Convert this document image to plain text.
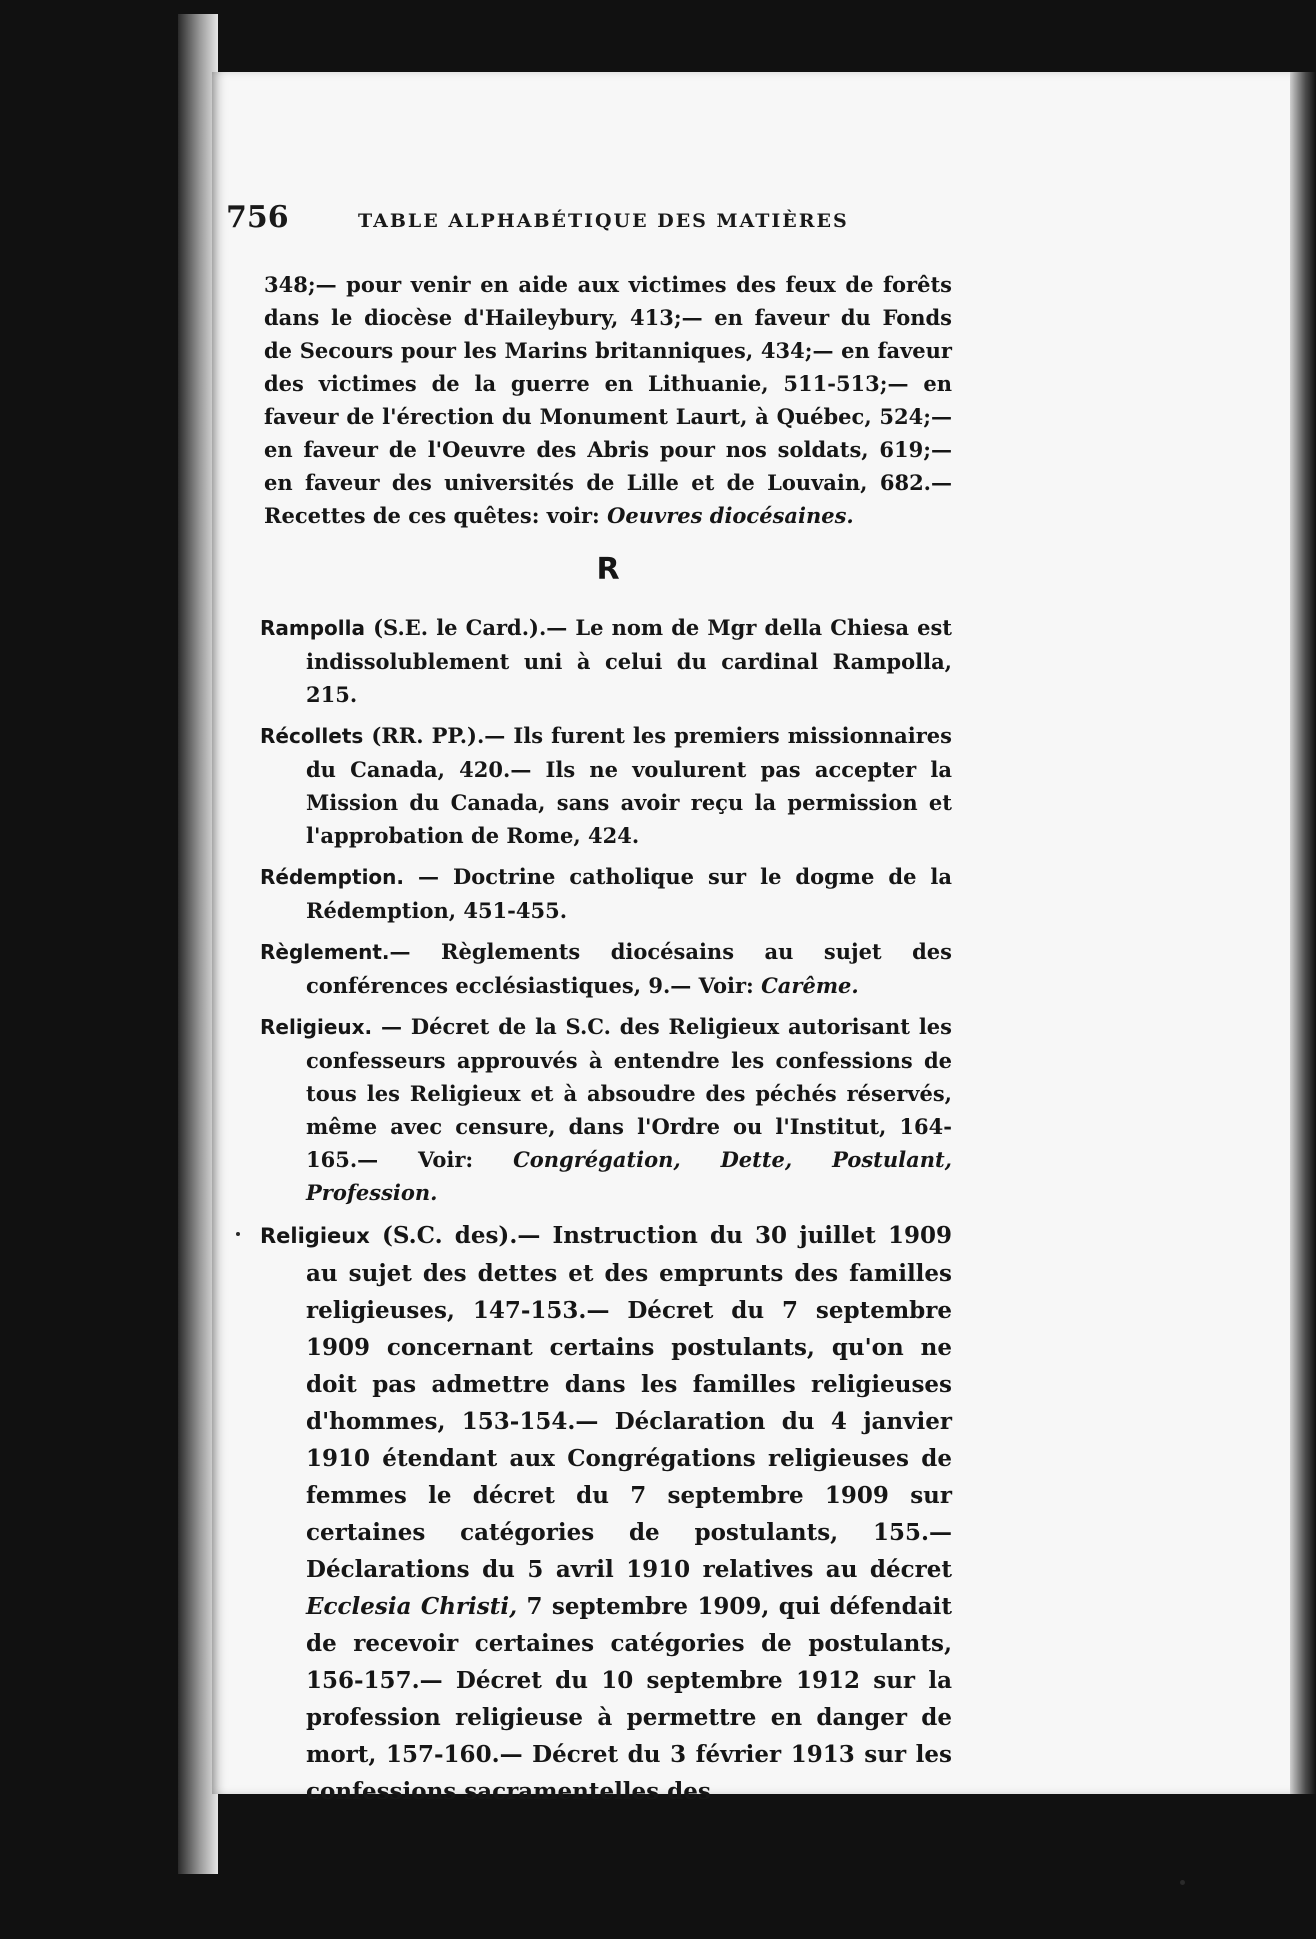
756	TABLE ALPHABÉTIQUE DES MATIÈRES

348;— pour venir en aide aux victimes des feux de forêts dans le diocèse d'Haileybury, 413;— en faveur du Fonds de Secours pour les Marins britanniques, 434;— en faveur des victimes de la guerre en Lithuanie, 511-513;— en faveur de l'érection du Monument Laurt, à Québec, 524;— en faveur de l'Oeuvre des Abris pour nos soldats, 619;— en faveur des universités de Lille et de Louvain, 682.— Recettes de ces quêtes: voir: Oeuvres diocésaines.

R

Rampolla (S.E. le Card.).— Le nom de Mgr della Chiesa est indissolublement uni à celui du cardinal Rampolla, 215.

Récollets (RR. PP.).— Ils furent les premiers missionnaires du Canada, 420.— Ils ne voulurent pas accepter la Mission du Canada, sans avoir reçu la permission et l'approbation de Rome, 424.

Rédemption. — Doctrine catholique sur le dogme de la Rédemption, 451-455.

Règlement.— Règlements diocésains au sujet des conférences ecclésiastiques, 9.— Voir: Carême.

Religieux. — Décret de la S.C. des Religieux autorisant les confesseurs approuvés à entendre les confessions de tous les Religieux et à absoudre des péchés réservés, même avec censure, dans l'Ordre ou l'Institut, 164-165.— Voir: Congrégation, Dette, Postulant, Profession.

Religieux (S.C. des).— Instruction du 30 juillet 1909 au sujet des dettes et des emprunts des familles religieuses, 147-153.— Décret du 7 septembre 1909 concernant certains postulants, qu'on ne doit pas admettre dans les familles religieuses d'hommes, 153-154.— Déclaration du 4 janvier 1910 étendant aux Congrégations religieuses de femmes le décret du 7 septembre 1909 sur certaines catégories de postulants, 155.— Déclarations du 5 avril 1910 relatives au décret Ecclesia Christi, 7 septembre 1909, qui défendait de recevoir certaines catégories de postulants, 156-157.— Décret du 10 septembre 1912 sur la profession religieuse à permettre en danger de mort, 157-160.— Décret du 3 février 1913 sur les confessions sacramentelles des
